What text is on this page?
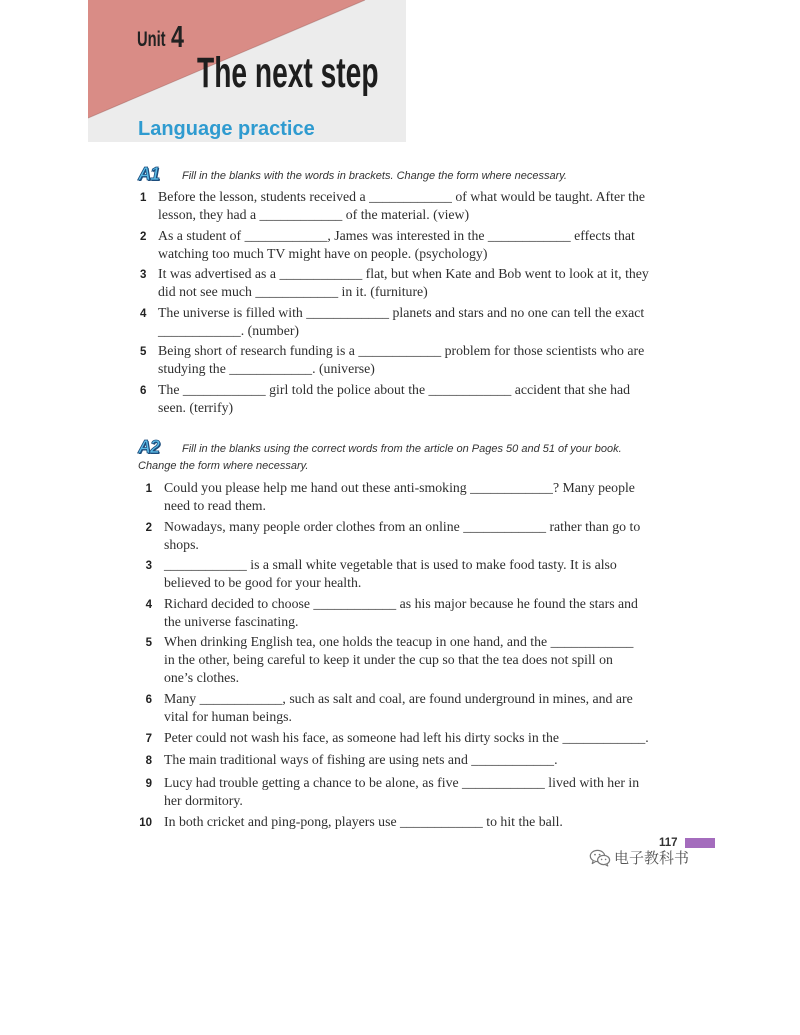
Unit 4
The next step
Language practice
A1 Fill in the blanks with the words in brackets. Change the form where necessary.
1 Before the lesson, students received a ____________ of what would be taught. After the
lesson, they had a ____________ of the material. (view)
2 As a student of ____________, James was interested in the ____________ effects that
watching too much TV might have on people. (psychology)
3 It was advertised as a ____________ flat, but when Kate and Bob went to look at it, they
did not see much ____________ in it. (furniture)
4 The universe is filled with ____________ planets and stars and no one can tell the exact
____________. (number)
5 Being short of research funding is a ____________ problem for those scientists who are
studying the ____________. (universe)
6 The ____________ girl told the police about the ____________ accident that she had
seen. (terrify)
A2 Fill in the blanks using the correct words from the article on Pages 50 and 51 of your book.
Change the form where necessary.
1 Could you please help me hand out these anti-smoking ____________? Many people
need to read them.
2 Nowadays, many people order clothes from an online ____________ rather than go to
shops.
3 ____________ is a small white vegetable that is used to make food tasty. It is also
believed to be good for your health.
4 Richard decided to choose ____________ as his major because he found the stars and
the universe fascinating.
5 When drinking English tea, one holds the teacup in one hand, and the ____________
in the other, being careful to keep it under the cup so that the tea does not spill on
one’s clothes.
6 Many ____________, such as salt and coal, are found underground in mines, and are
vital for human beings.
7 Peter could not wash his face, as someone had left his dirty socks in the ____________.
8 The main traditional ways of fishing are using nets and ____________.
9 Lucy had trouble getting a chance to be alone, as five ____________ lived with her in
her dormitory.
10 In both cricket and ping-pong, players use ____________ to hit the ball.
117
电子教科书
